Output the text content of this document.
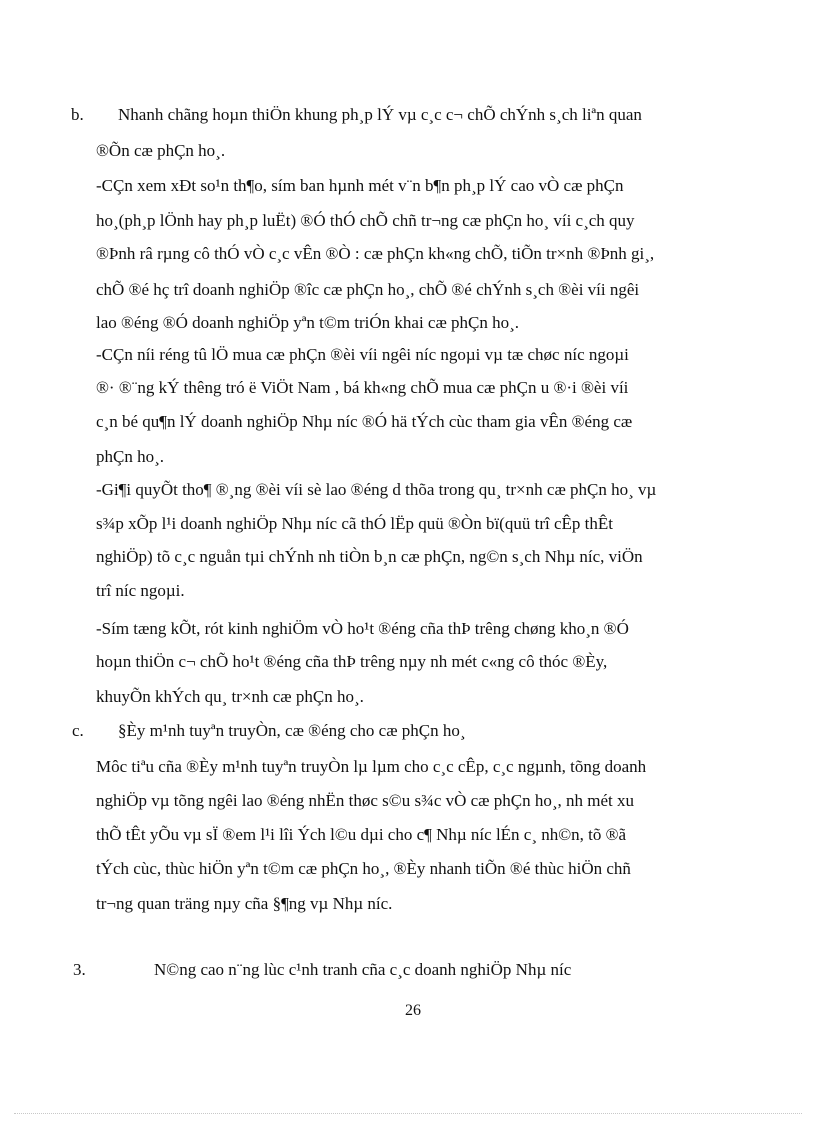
b. Nhanh chãng hoµn thiÖn khung ph¸p lÝ vµ c¸c c¬ chÕ chÝnh s¸ch liªn quan
®Õn cæ phÇn ho¸.
-CÇn xem xÐt so¹n th¶o, sím ban hµnh mét v¨n b¶n ph¸p lÝ cao vÒ cæ phÇn
ho¸(ph¸p lÖnh hay ph¸p luËt) ®Ó thÓ chÕ chñ tr¬ng cæ phÇn ho¸ víi c¸ch quy
®Þnh râ rµng cô thÓ vÒ c¸c vÊn ®Ò : cæ phÇn kh«ng chÕ, tiÕn tr×nh ®Þnh gi¸,
chÕ ®é hç trî doanh nghiÖp ®îc cæ phÇn ho¸, chÕ ®é chÝnh s¸ch ®èi víi ngêi
lao ®éng ®Ó doanh nghiÖp yªn t©m triÓn khai cæ phÇn ho¸.
-CÇn níi réng tû lÖ mua cæ phÇn ®èi víi ngêi níc ngoµi vµ tæ chøc níc ngoµi
®· ®¨ng kÝ thêng tró ë ViÖt Nam , bá kh«ng chÕ mua cæ phÇn u ®·i ®èi víi
c¸n bé qu¶n lÝ doanh nghiÖp Nhµ níc ®Ó hä tÝch cùc tham gia vÊn ®éng cæ
phÇn ho¸.
-Gi¶i quyÕt tho¶ ®¸ng ®èi víi sè lao ®éng d thõa trong qu¸ tr×nh cæ phÇn ho¸ vµ
s¾p xÕp l¹i doanh nghiÖp Nhµ níc cã thÓ lËp quü ®Òn bï(quü trî cÊp thÊt
nghiÖp) tõ c¸c nguån tµi chÝnh nh tiÒn b¸n cæ phÇn, ng©n s¸ch Nhµ níc, viÖn
trî níc ngoµi.
-Sím tæng kÕt, rót kinh nghiÖm vÒ ho¹t ®éng cña thÞ trêng chøng kho¸n ®Ó
hoµn thiÖn c¬ chÕ ho¹t ®éng cña thÞ trêng nµy nh mét c«ng cô thóc ®Èy,
khuyÕn khÝch qu¸ tr×nh cæ phÇn ho¸.
c. §Èy m¹nh tuyªn truyÒn, cæ ®éng cho cæ phÇn ho¸
Môc tiªu cña ®Èy m¹nh tuyªn truyÒn lµ lµm cho c¸c cÊp, c¸c ngµnh, tõng doanh
nghiÖp vµ tõng ngêi lao ®éng nhËn thøc s©u s¾c vÒ cæ phÇn ho¸, nh mét xu
thÕ tÊt yÕu vµ sÏ ®em l¹i lîi Ých l©u dµi cho c¶ Nhµ níc lÉn c¸ nh©n, tõ ®ã
tÝch cùc, thùc hiÖn yªn t©m cæ phÇn ho¸, ®Èy nhanh tiÕn ®é thùc hiÖn chñ
tr¬ng quan träng nµy cña §¶ng vµ Nhµ níc.
3.	N©ng cao n¨ng lùc c¹nh tranh cña c¸c doanh nghiÖp Nhµ níc
26
